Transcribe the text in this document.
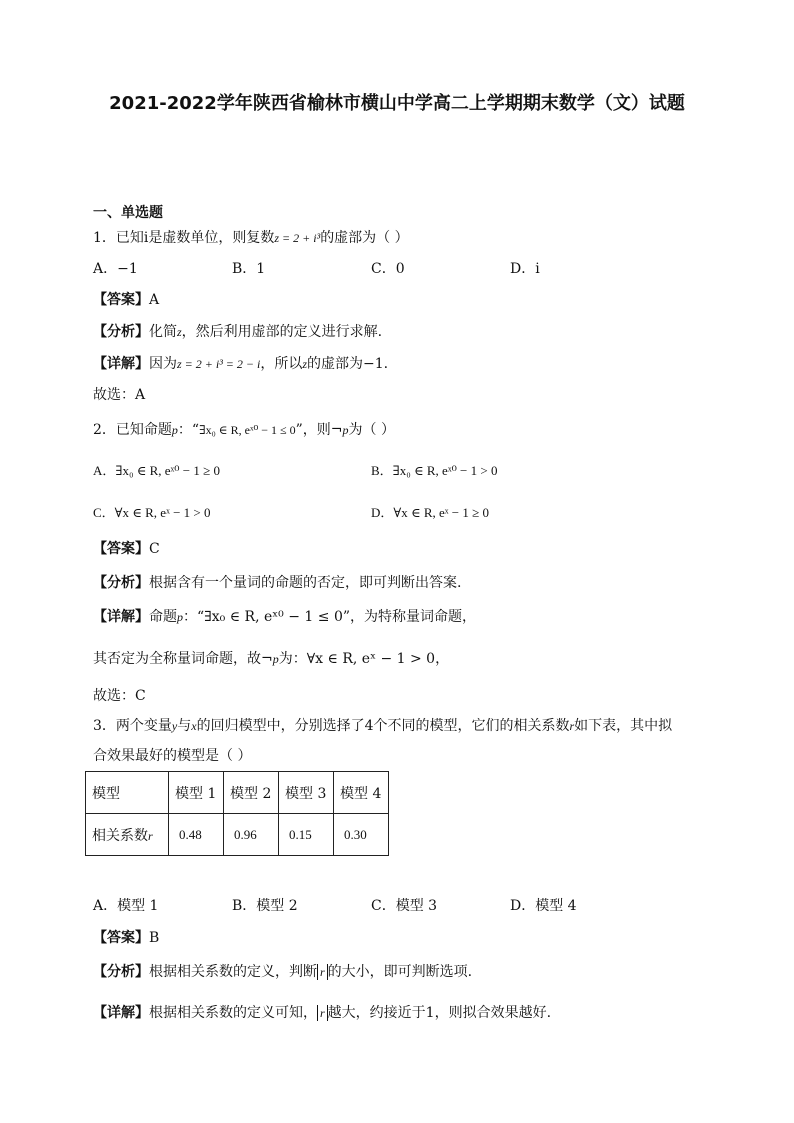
2021-2022学年陕西省榆林市横山中学高二上学期期末数学（文）试题
一、单选题
1．已知i是虚数单位，则复数z = 2 + i³的虚部为（ ）
A．−1	B．1	C．0	D．i
【答案】A
【分析】化简z，然后利用虚部的定义进行求解.
【详解】因为z = 2 + i³ = 2 − i，所以z的虚部为−1.
故选：A
2．已知命题p：“∃x₀ ∈ R, eˣ⁰ − 1 ≤ 0”，则¬p为（ ）
A．∃x₀ ∈ R, eˣ⁰ − 1 ≥ 0	B．∃x₀ ∈ R, eˣ⁰ − 1 > 0
C．∀x ∈ R, eˣ − 1 > 0	D．∀x ∈ R, eˣ − 1 ≥ 0
【答案】C
【分析】根据含有一个量词的命题的否定，即可判断出答案.
【详解】命题p：“∃x₀ ∈ R, eˣ⁰ − 1 ≤ 0”，为特称量词命题，
其否定为全称量词命题，故¬p为：∀x ∈ R, eˣ − 1 > 0，
故选：C
3．两个变量y与x的回归模型中，分别选择了4个不同的模型，它们的相关系数r如下表，其中拟
合效果最好的模型是（ ）
模型	模型 1	模型 2	模型 3	模型 4
相关系数r	0.48	0.96	0.15	0.30
A．模型 1	B．模型 2	C．模型 3	D．模型 4
【答案】B
【分析】根据相关系数的定义，判断 r 的大小，即可判断选项.
【详解】根据相关系数的定义可知， r 越大，约接近于1，则拟合效果越好.
